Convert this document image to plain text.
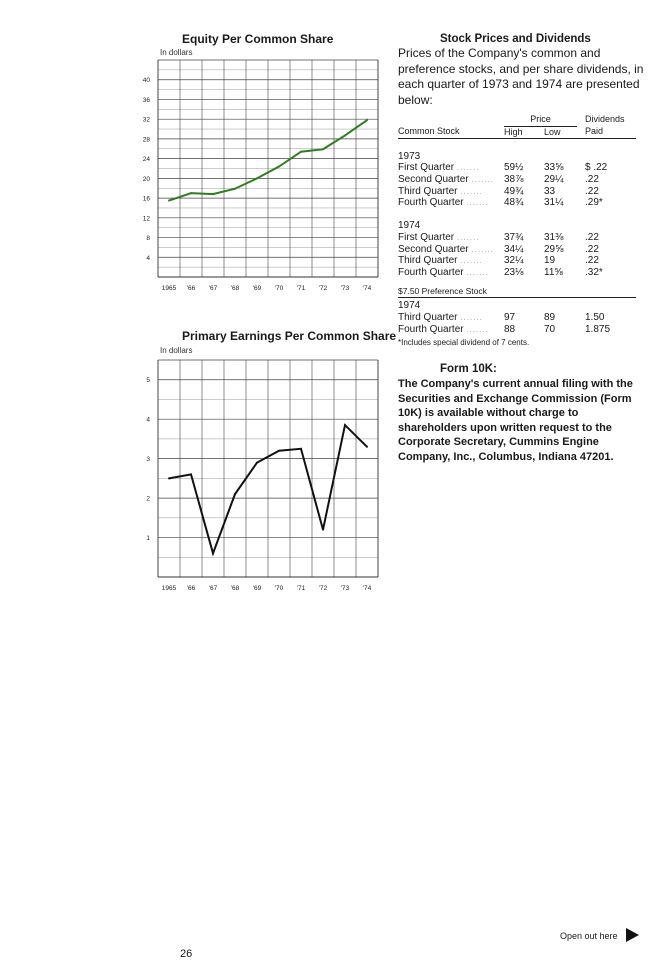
Equity Per Common Share
In dollars
4
8
12
16
20
24
28
32
36
40
1965 '66 '67 '68 '69 '70 '71 '72 '73 '74
Primary Earnings Per Common Share
In dollars
1
2
3
4
5
1965 '66 '67 '68 '69 '70 '71 '72 '73 '74
Stock Prices and Dividends
Prices of the Company's common and preference stocks, and per share dividends, in each quarter of 1973 and 1974 are presented below:
	Price		Dividends
Common Stock	High	Low	Paid

1973			
First Quarter .......	59½	33⅝	$ .22
Second Quarter .......	38⅞	29¼	.22
Third Quarter .......	49¾	33	.22
Fourth Quarter .......	48¾	31¼	.29*

1974			
First Quarter .......	37¾	31⅜	.22
Second Quarter .......	34¼	29⅝	.22
Third Quarter .......	32¼	19	.22
Fourth Quarter .......	23⅛	11⅝	.32*
$7.50 Preference Stock
1974			
Third Quarter .......	97	89	1.50
Fourth Quarter .......	88	70	1.875
*Includes special dividend of 7 cents.
Form 10K:
The Company's current annual filing with the Securities and Exchange Commission (Form 10K) is available without charge to shareholders upon written request to the Corporate Secretary, Cummins Engine Company, Inc., Columbus, Indiana 47201.
Open out here
26
